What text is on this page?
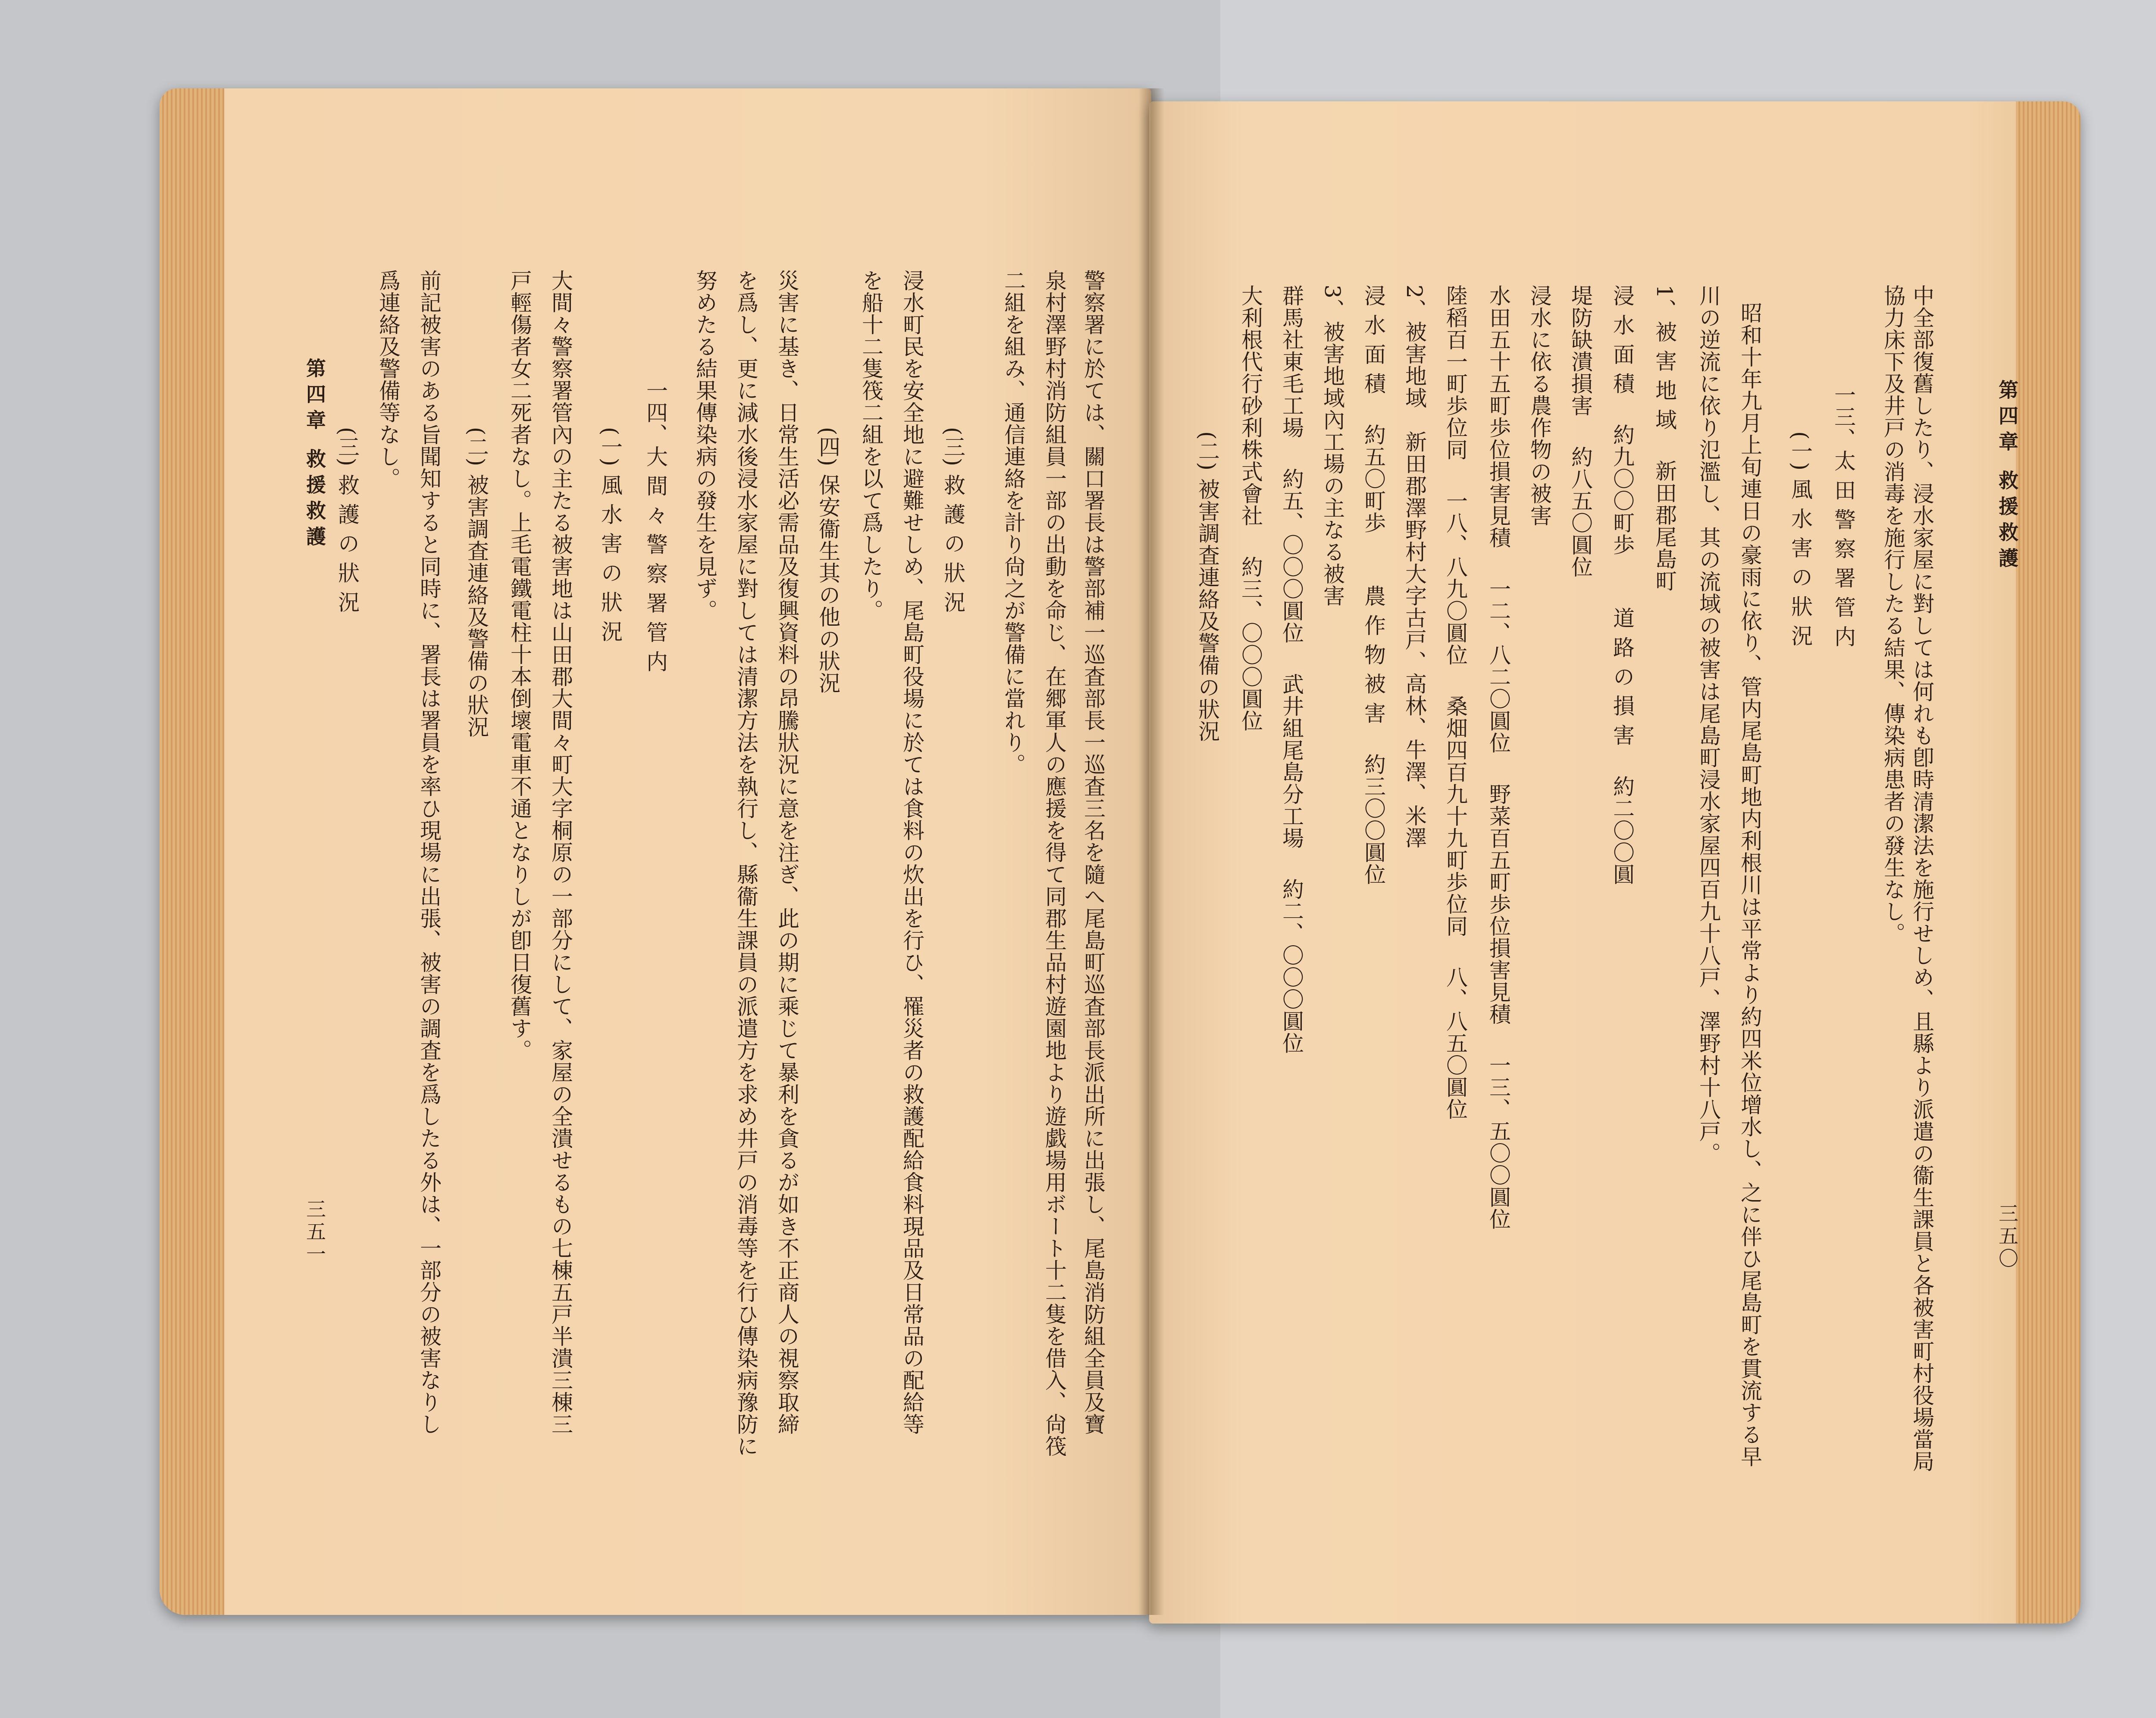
第四章 救援救護
三五〇
中全部復舊したり、浸水家屋に對しては何れも卽時清潔法を施行せしめ、且縣より派遣の衞生課員と各被害町村役場當局
協力床下及井戸の消毒を施行したる結果、傳染病患者の發生なし。
一三、太 田 警 察 署 管 内
(一) 風 水 害 の 狀 況
昭和十年九月上旬連日の豪雨に依り、管内尾島町地内利根川は平常より約四米位增水し、之に伴ひ尾島町を貫流する早
川の逆流に依り氾濫し、其の流域の被害は尾島町浸水家屋四百九十八戸、澤野村十八戸。
1、被 害 地 域　 新田郡尾島町
浸 水 面 積　 約九〇〇町歩　　 道 路 の 損 害　 約二〇〇圓
堤防缺潰損害　 約八五〇圓位
浸水に依る農作物の被害
水田五十五町歩位損害見積　 一二、八二〇圓位　 野菜百五町歩位損害見積　 一三、五〇〇圓位
陸稻百一町歩位同　 一八、八九〇圓位　 桑畑四百九十九町歩位同　 八、八五〇圓位
2、被害地域　新田郡澤野村大字古戸、高林、牛澤、米澤
浸 水 面 積　 約五〇町歩　　 農 作 物 被 害　 約三〇〇圓位
3、被害地域內工場の主なる被害
群馬社東毛工場　 約五、〇〇〇圓位　 武井組尾島分工場　 約二、〇〇〇圓位
大利根代行砂利株式會社　 約三、〇〇〇圓位
(二) 被害調査連絡及警備の狀況
第四章 救援救護
三五一	警察署に於ては、關口署長は警部補一巡査部長一巡査三名を隨へ尾島町巡査部長派出所に出張し、尾島消防組全員及寶
泉村澤野村消防組員一部の出動を命じ、在郷軍人の應援を得て同郡生品村遊園地より遊戯場用ボート十二隻を借入、尙筏
二組を組み、通信連絡を計り尙之が警備に當れり。
(三) 救 護 の 狀 況
浸水町民を安全地に避難せしめ、尾島町役場に於ては食料の炊出を行ひ、罹災者の救護配給食料現品及日常品の配給等
を船十二隻筏二組を以て爲したり。
(四) 保安衞生其の他の狀況
災害に基き、日常生活必需品及復興資料の昂騰狀況に意を注ぎ、此の期に乘じて暴利を貪るが如き不正商人の視察取締
を爲し、更に減水後浸水家屋に對しては清潔方法を執行し、縣衞生課員の派遣方を求め井戸の消毒等を行ひ傳染病豫防に
努めたる結果傳染病の發生を見ず。
一四、大 間 々 警 察 署 管 内
(一) 風 水 害 の 狀 況
大間々警察署管內の主たる被害地は山田郡大間々町大字桐原の一部分にして、家屋の全潰せるもの七棟五戸半潰三棟三
戸輕傷者女二死者なし。上毛電鐵電柱十本倒壞電車不通となりしが卽日復舊す。
(二) 被害調査連絡及警備の狀況
前記被害のある旨聞知すると同時に、署長は署員を率ひ現場に出張、被害の調査を爲したる外は、一部分の被害なりし
爲連絡及警備等なし。
(三) 救 護 の 狀 況
